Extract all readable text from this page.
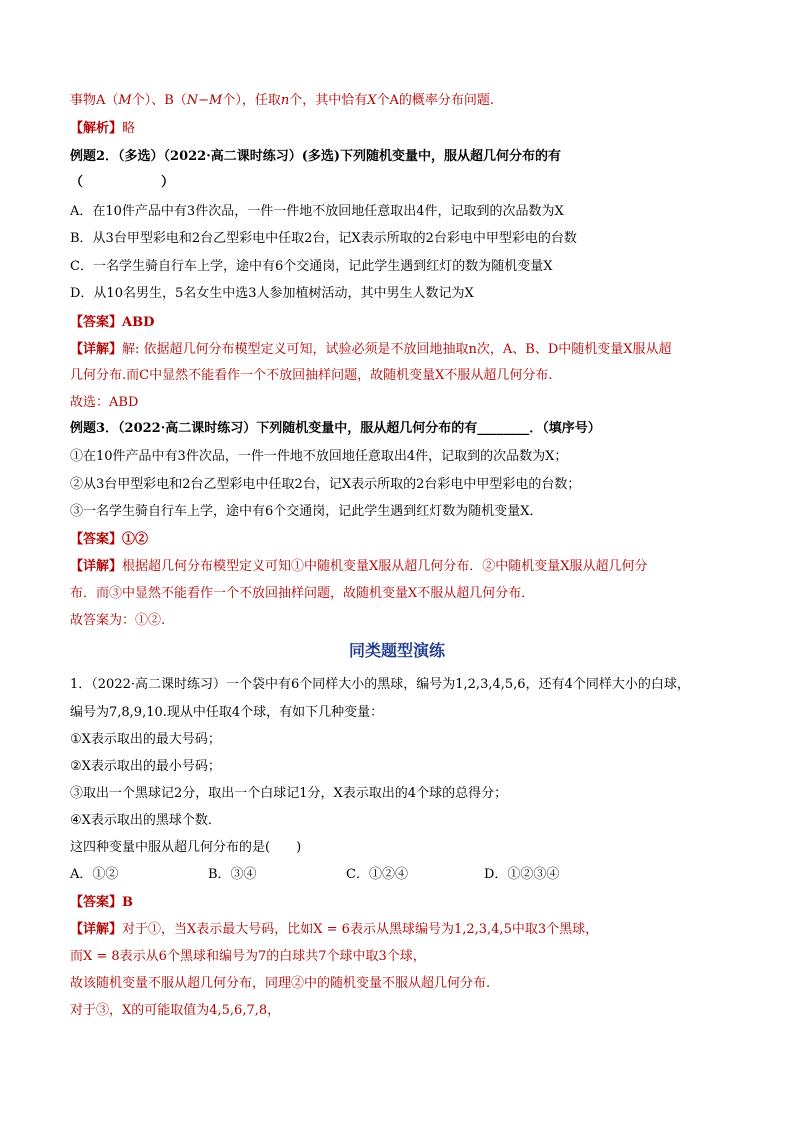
事物A（M个）、B（N−M个），任取n个，其中恰有X个A的概率分布问题.
【解析】略
例题2．（多选）（2022·高二课时练习）(多选)下列随机变量中，服从超几何分布的有
（　　　　　　）
A．在10件产品中有3件次品，一件一件地不放回地任意取出4件，记取到的次品数为X
B．从3台甲型彩电和2台乙型彩电中任取2台，记X表示所取的2台彩电中甲型彩电的台数
C．一名学生骑自行车上学，途中有6个交通岗，记此学生遇到红灯的数为随机变量X
D．从10名男生，5名女生中选3人参加植树活动，其中男生人数记为X
【答案】ABD
【详解】解: 依据超几何分布模型定义可知，试验必须是不放回地抽取n次，A、B、D中随机变量X服从超
几何分布.而C中显然不能看作一个不放回抽样问题，故随机变量X不服从超几何分布.
故选：ABD
例题3．（2022·高二课时练习）下列随机变量中，服从超几何分布的有________．（填序号）
①在10件产品中有3件次品，一件一件地不放回地任意取出4件，记取到的次品数为X；
②从3台甲型彩电和2台乙型彩电中任取2台，记X表示所取的2台彩电中甲型彩电的台数；
③一名学生骑自行车上学，途中有6个交通岗，记此学生遇到红灯数为随机变量X．
【答案】①②
【详解】根据超几何分布模型定义可知①中随机变量X服从超几何分布．②中随机变量X服从超几何分
布．而③中显然不能看作一个不放回抽样问题，故随机变量X不服从超几何分布．
故答案为：①②.
同类题型演练
1．（2022·高二课时练习）一个袋中有6个同样大小的黑球，编号为1,2,3,4,5,6，还有4个同样大小的白球，
编号为7,8,9,10.现从中任取4个球，有如下几种变量：
①X表示取出的最大号码；
②X表示取出的最小号码；
③取出一个黑球记2分，取出一个白球记1分，X表示取出的4个球的总得分；
④X表示取出的黑球个数．
这四种变量中服从超几何分布的是(　　)
A．①②	B．③④	C．①②④	D．①②③④
【答案】B
【详解】对于①，当X表示最大号码，比如X = 6表示从黑球编号为1,2,3,4,5中取3个黑球，
而X = 8表示从6个黑球和编号为7的白球共7个球中取3个球，
故该随机变量不服从超几何分布，同理②中的随机变量不服从超几何分布.
对于③，X的可能取值为4,5,6,7,8，
